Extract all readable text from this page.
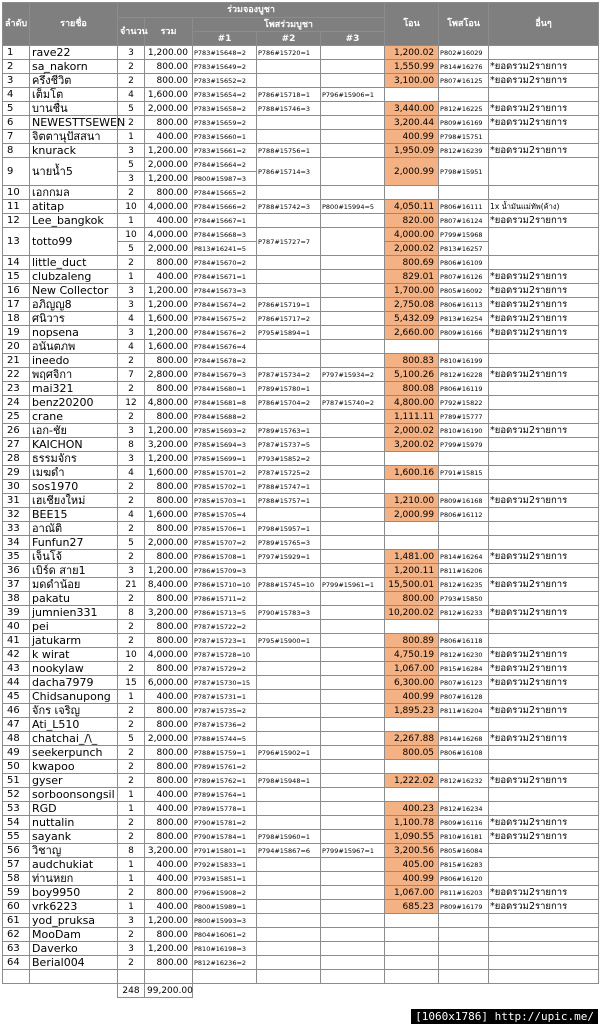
ลำดับ	รายชื่อ	ร่วมจองบูชา					โอน	โพสโอน	อื่นๆ
		จำนวน	รวม	โพสร่วมบูชา					
				#1	#2	#3			
1	rave22	3	1,200.00	P783#15648=2	P786#15720=1		1,200.02	P802#16029	
2	sa_nakorn	2	800.00	P783#15649=2			1,550.99	P814#16276	*ยอดรวม2รายการ
3	ครึ่งชีวิต	2	800.00	P783#15652=2			3,100.00	P807#16125	*ยอดรวม2รายการ
4	เต็มโต	4	1,600.00	P783#15654=2	P786#15718=1	P796#15906=1			
5	บานชื่น	5	2,000.00	P783#15658=2	P788#15746=3		3,440.00	P812#16225	*ยอดรวม2รายการ
6	NEWESTTSEWEN	2	800.00	P783#15659=2			3,200.44	P809#16169	*ยอดรวม2รายการ
7	จิตตานุปัสสนา	1	400.00	P783#15660=1			400.99	P798#15751	
8	knurack	3	1,200.00	P783#15661=2	P788#15756=1		1,950.09	P812#16239	*ยอดรวม2รายการ
9	นายน้ำ5	5	2,000.00	P784#15664=2	P786#15714=3		2,000.99	P798#15951	
		3	1,200.00	P800#15987=3					
10	เอกกมล	2	800.00	P784#15665=2					
11	atitap	10	4,000.00	P784#15666=2	P788#15742=3	P800#15994=5	4,050.11	P806#16111	1x น้ำมันแม่ทัพ(ค้าง)
12	Lee_bangkok	1	400.00	P784#15667=1			820.00	P807#16124	*ยอดรวม2รายการ
13	totto99	10	4,000.00	P784#15668=3	P787#15727=7		4,000.00	P799#15968	
		5	2,000.00	P813#16241=5			2,000.02	P813#16257	
14	little_duct	2	800.00	P784#15670=2			800.69	P806#16109	
15	clubzaleng	1	400.00	P784#15671=1			829.01	P807#16126	*ยอดรวม2รายการ
16	New Collector	3	1,200.00	P784#15673=3			1,700.00	P805#16092	*ยอดรวม2รายการ
17	อภิญญ8	3	1,200.00	P784#15674=2	P786#15719=1		2,750.08	P806#16113	*ยอดรวม2รายการ
18	ศนิวาร	4	1,600.00	P784#15675=2	P786#15717=2		5,432.09	P813#16254	*ยอดรวม2รายการ
19	nopsena	3	1,200.00	P784#15676=2	P795#15894=1		2,660.00	P809#16166	*ยอดรวม2รายการ
20	อนันตภพ	4	1,600.00	P784#15676=4					
21	ineedo	2	800.00	P784#15678=2			800.83	P810#16199	
22	พฤศจิกา	7	2,800.00	P784#15679=3	P787#15734=2	P797#15934=2	5,100.26	P812#16228	*ยอดรวม2รายการ
23	mai321	2	800.00	P784#15680=1	P789#15780=1		800.08	P806#16119	
24	benz20200	12	4,800.00	P784#15681=8	P786#15704=2	P787#15740=2	4,800.00	P792#15822	
25	crane	2	800.00	P784#15688=2			1,111.11	P789#15777	
26	เอก-ชัย	3	1,200.00	P785#15693=2	P789#15763=1		2,000.02	P810#16190	*ยอดรวม2รายการ
27	KAICHON	8	3,200.00	P785#15694=3	P787#15737=5		3,200.02	P799#15979	
28	ธรรมจักร	3	1,200.00	P785#15699=1	P793#15852=2				
29	เมฆดำ	4	1,600.00	P785#15701=2	P787#15725=2		1,600.16	P791#15815	
30	sos1970	2	800.00	P785#15702=1	P788#15747=1				
31	เฮเชียงใหม่	2	800.00	P785#15703=1	P788#15757=1		1,210.00	P809#16168	*ยอดรวม2รายการ
32	BEE15	4	1,600.00	P785#15705=4			2,000.99	P806#16112	
33	อาณัติ	2	800.00	P785#15706=1	P798#15957=1				
34	Funfun27	5	2,000.00	P785#15707=2	P789#15765=3				
35	เจ็นโจ้	2	800.00	P786#15708=1	P797#15929=1		1,481.00	P814#16264	*ยอดรวม2รายการ
36	เบิร์ด สาย1	3	1,200.00	P786#15709=3			1,200.11	P811#16206	
37	มดดำน้อย	21	8,400.00	P786#15710=10	P788#15745=10	P799#15961=1	15,500.01	P812#16235	*ยอดรวม2รายการ
38	pakatu	2	800.00	P786#15711=2			800.00	P793#15850	
39	jumnien331	8	3,200.00	P786#15713=5	P790#15783=3		10,200.02	P812#16233	*ยอดรวม2รายการ
40	pei	2	800.00	P787#15722=2					
41	jatukarm	2	800.00	P787#15723=1	P795#15900=1		800.89	P806#16118	
42	k wirat	10	4,000.00	P787#15728=10			4,750.19	P812#16230	*ยอดรวม2รายการ
43	nookylaw	2	800.00	P787#15729=2			1,067.00	P815#16284	*ยอดรวม2รายการ
44	dacha7979	15	6,000.00	P787#15730=15			6,300.00	P807#16123	*ยอดรวม2รายการ
45	Chidsanupong	1	400.00	P787#15731=1			400.99	P807#16128	
46	จักร เจริญ	2	800.00	P787#15735=2			1,895.23	P811#16204	*ยอดรวม2รายการ
47	Ati_L510	2	800.00	P787#15736=2					
48	chatchai_/\_	5	2,000.00	P788#15744=5			2,267.88	P814#16268	*ยอดรวม2รายการ
49	seekerpunch	2	800.00	P788#15759=1	P796#15902=1		800.05	P806#16108	
50	kwapoo	2	800.00	P789#15761=2					
51	gyser	2	800.00	P789#15762=1	P798#15948=1		1,222.02	P812#16232	*ยอดรวม2รายการ
52	sorboonsongsil	1	400.00	P789#15764=1					
53	RGD	1	400.00	P789#15778=1			400.23	P812#16234	
54	nuttalin	2	800.00	P790#15781=2			1,100.78	P809#16116	*ยอดรวม2รายการ
55	sayank	2	800.00	P790#15784=1	P798#15960=1		1,090.55	P810#16181	*ยอดรวม2รายการ
56	วิชาญ	8	3,200.00	P791#15801=1	P794#15867=6	P799#15967=1	3,200.56	P805#16084	
57	audchukiat	1	400.00	P792#15833=1			405.00	P815#16283	
58	ท่านหยก	1	400.00	P793#15851=1			400.99	P806#16120	
59	boy9950	2	800.00	P796#15908=2			1,067.00	P811#16203	*ยอดรวม2รายการ
60	vrk6223	1	400.00	P800#15989=1			685.23	P809#16179	*ยอดรวม2รายการ
61	yod_pruksa	3	1,200.00	P800#15993=3					
62	MooDam	2	800.00	P804#16061=2					
63	Daverko	3	1,200.00	P810#16198=3					
64	Berial004	2	800.00	P812#16236=2					

		248	99,200.00						
[1060x1786] http://upic.me/
